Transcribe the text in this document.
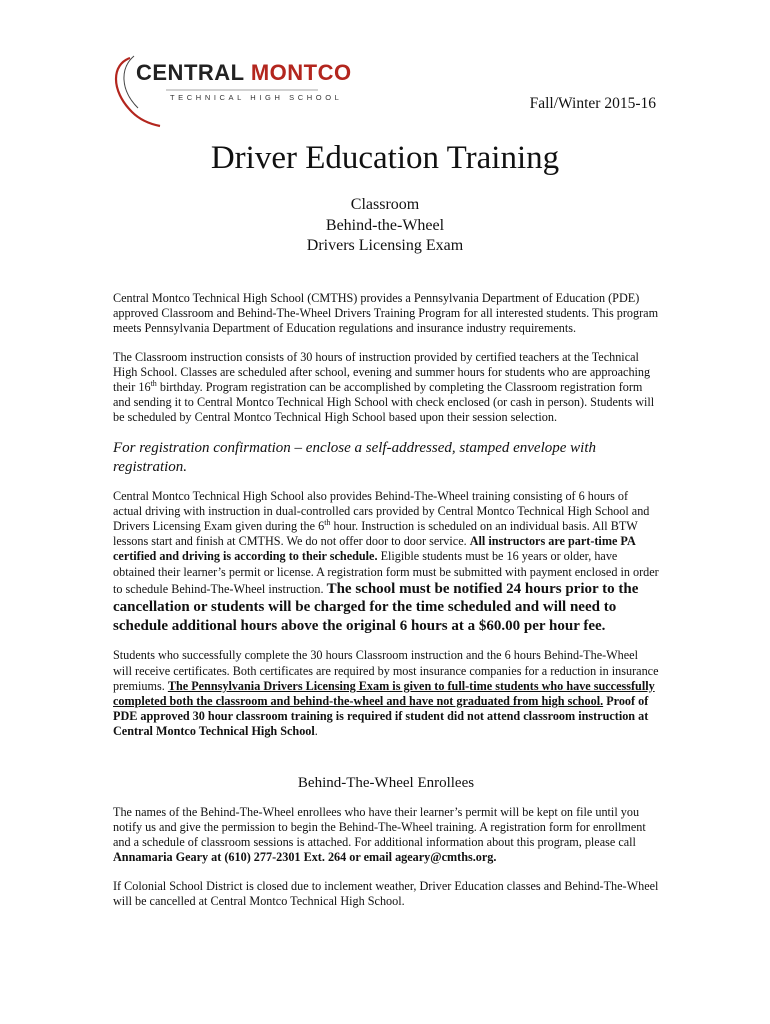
CENTRAL MONTCO
TECHNICAL HIGH SCHOOL	Fall/Winter 2015-16
Driver Education Training
Classroom
Behind-the-Wheel
Drivers Licensing Exam

Central Montco Technical High School (CMTHS) provides a Pennsylvania Department of Education (PDE) approved Classroom and Behind-The-Wheel Drivers Training Program for all interested students. This program meets Pennsylvania Department of Education regulations and insurance industry requirements.

The Classroom instruction consists of 30 hours of instruction provided by certified teachers at the Technical High School. Classes are scheduled after school, evening and summer hours for students who are approaching their 16th birthday. Program registration can be accomplished by completing the Classroom registration form and sending it to Central Montco Technical High School with check enclosed (or cash in person). Students will be scheduled by Central Montco Technical High School based upon their session selection.

For registration confirmation – enclose a self-addressed, stamped envelope with registration.

Central Montco Technical High School also provides Behind-The-Wheel training consisting of 6 hours of actual driving with instruction in dual-controlled cars provided by Central Montco Technical High School and Drivers Licensing Exam given during the 6th hour. Instruction is scheduled on an individual basis. All BTW lessons start and finish at CMTHS. We do not offer door to door service. All instructors are part-time PA certified and driving is according to their schedule. Eligible students must be 16 years or older, have obtained their learner’s permit or license. A registration form must be submitted with payment enclosed in order to schedule Behind-The-Wheel instruction. The school must be notified 24 hours prior to the cancellation or students will be charged for the time scheduled and will need to schedule additional hours above the original 6 hours at a $60.00 per hour fee.

Students who successfully complete the 30 hours Classroom instruction and the 6 hours Behind-The-Wheel will receive certificates. Both certificates are required by most insurance companies for a reduction in insurance premiums. The Pennsylvania Drivers Licensing Exam is given to full-time students who have successfully completed both the classroom and behind-the-wheel and have not graduated from high school. Proof of PDE approved 30 hour classroom training is required if student did not attend classroom instruction at Central Montco Technical High School.

Behind-The-Wheel Enrollees

The names of the Behind-The-Wheel enrollees who have their learner’s permit will be kept on file until you notify us and give the permission to begin the Behind-The-Wheel training. A registration form for enrollment and a schedule of classroom sessions is attached. For additional information about this program, please call Annamaria Geary at (610) 277-2301 Ext. 264 or email ageary@cmths.org.

If Colonial School District is closed due to inclement weather, Driver Education classes and Behind-The-Wheel will be cancelled at Central Montco Technical High School.
